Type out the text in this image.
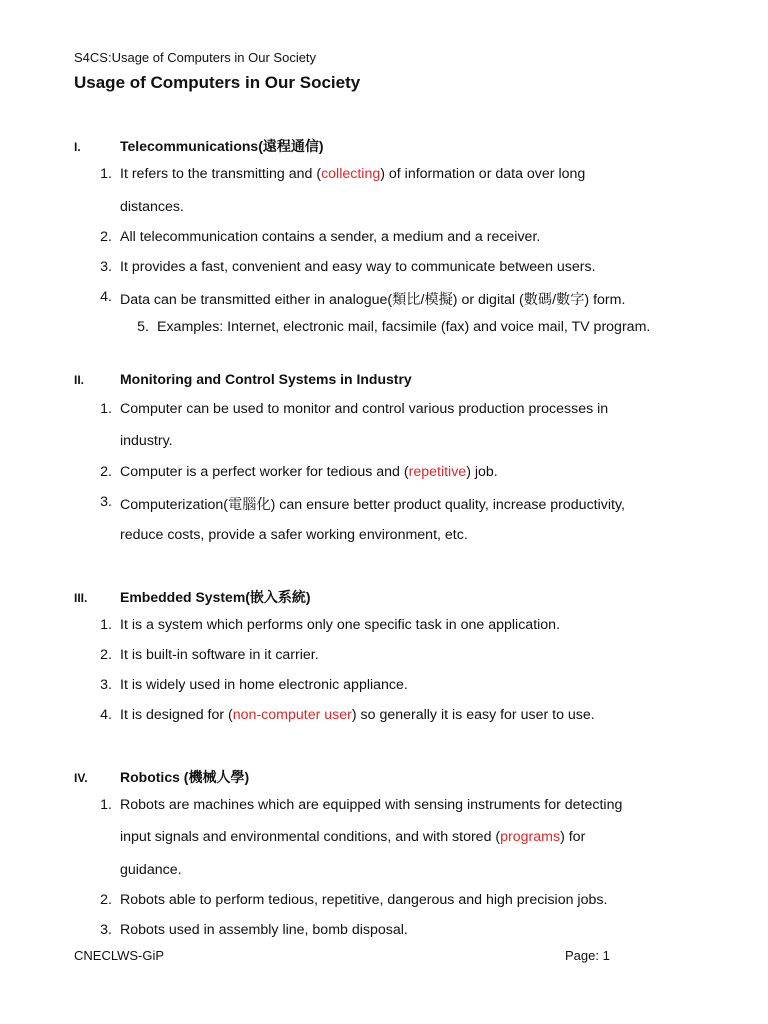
S4CS:Usage of Computers in Our Society
Usage of Computers in Our Society
I.	Telecommunications(遠程通信)
1. It refers to the transmitting and (collecting) of information or data over long
distances.
2. All telecommunication contains a sender, a medium and a receiver.
3. It provides a fast, convenient and easy way to communicate between users.
4. Data can be transmitted either in analogue(類比/模擬) or digital (數碼/數字) form.
5. Examples: Internet, electronic mail, facsimile (fax) and voice mail, TV program.
II.	Monitoring and Control Systems in Industry
1. Computer can be used to monitor and control various production processes in
industry.
2. Computer is a perfect worker for tedious and (repetitive) job.
3. Computerization(電腦化) can ensure better product quality, increase productivity,
reduce costs, provide a safer working environment, etc.
III. Embedded System(嵌入系統)
1. It is a system which performs only one specific task in one application.
2. It is built-in software in it carrier.
3. It is widely used in home electronic appliance.
4. It is designed for (non-computer user) so generally it is easy for user to use.
IV. Robotics (機械人學)
1. Robots are machines which are equipped with sensing instruments for detecting
input signals and environmental conditions, and with stored (programs) for
guidance.
2. Robots able to perform tedious, repetitive, dangerous and high precision jobs.
3. Robots used in assembly line, bomb disposal.
CNECLWS-GiP	Page: 1
